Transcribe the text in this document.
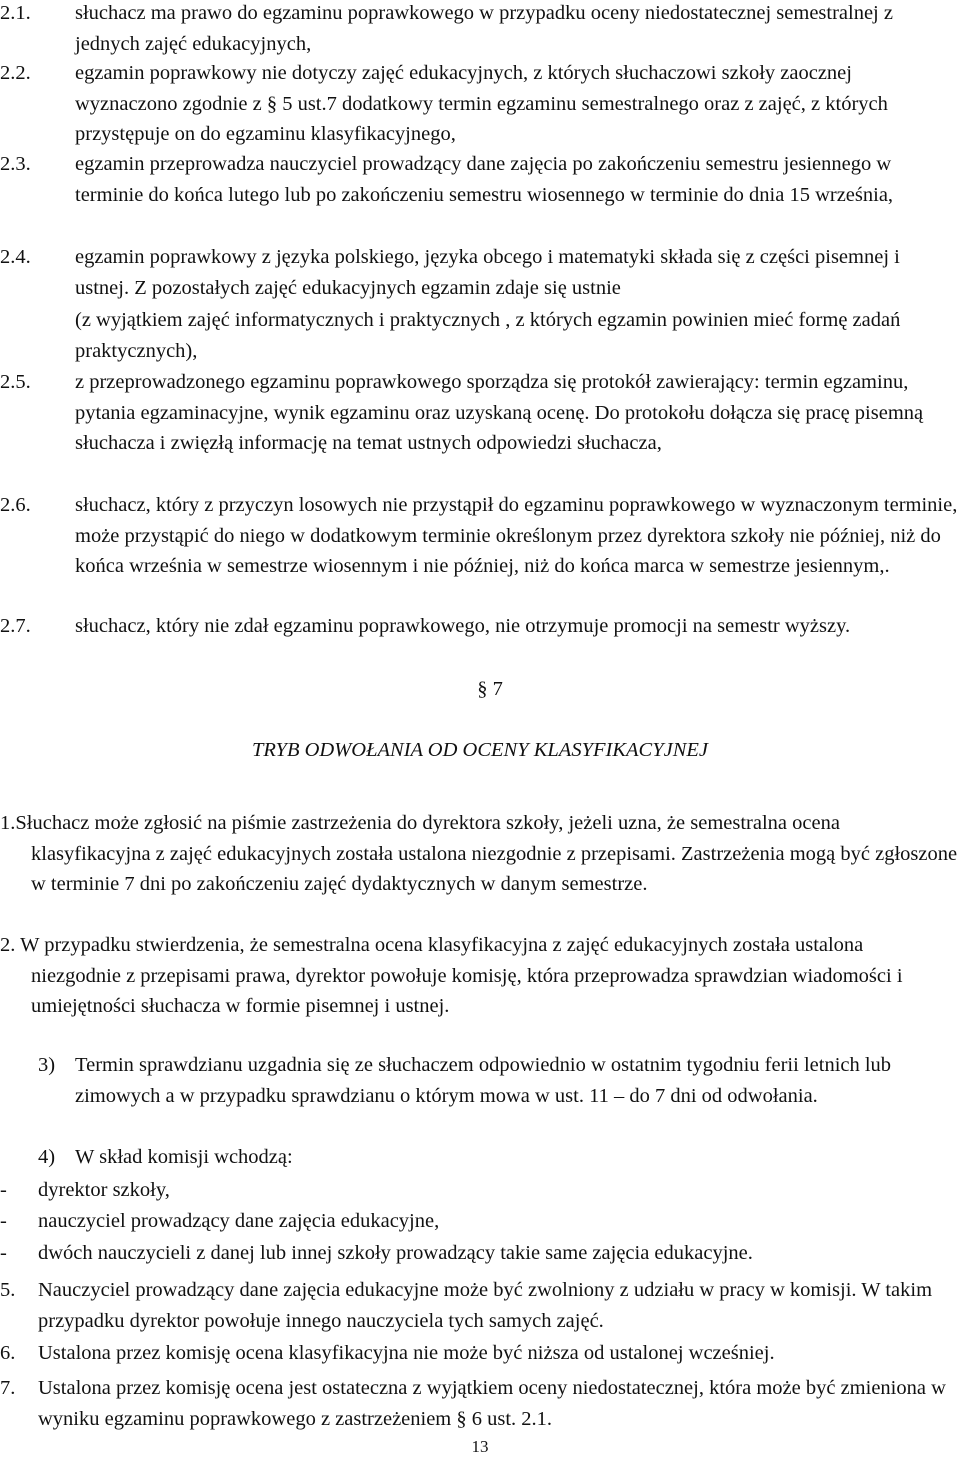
2.1. słuchacz ma prawo do egzaminu poprawkowego w przypadku oceny niedostatecznej semestralnej z jednych zajęć edukacyjnych,
2.2. egzamin poprawkowy nie dotyczy zajęć edukacyjnych, z których słuchaczowi szkoły zaocznej wyznaczono zgodnie z § 5 ust.7 dodatkowy termin egzaminu semestralnego oraz z zajęć, z których przystępuje on do egzaminu klasyfikacyjnego,
2.3. egzamin przeprowadza nauczyciel prowadzący dane zajęcia po zakończeniu semestru jesiennego w terminie do końca lutego lub po zakończeniu semestru wiosennego w terminie do dnia 15 września,
2.4. egzamin poprawkowy z języka polskiego, języka obcego i matematyki składa się z części pisemnej i ustnej. Z pozostałych zajęć edukacyjnych egzamin zdaje się ustnie
(z wyjątkiem zajęć informatycznych i praktycznych , z których egzamin powinien mieć formę zadań praktycznych),
2.5. z przeprowadzonego egzaminu poprawkowego sporządza się protokół zawierający: termin egzaminu, pytania egzaminacyjne, wynik egzaminu oraz uzyskaną ocenę. Do protokołu dołącza się pracę pisemną słuchacza i zwięzłą informację na temat ustnych odpowiedzi słuchacza,
2.6. słuchacz, który z przyczyn losowych nie przystąpił do egzaminu poprawkowego w wyznaczonym terminie, może przystąpić do niego w dodatkowym terminie określonym przez dyrektora szkoły nie później, niż do końca września w semestrze wiosennym i nie później, niż do końca marca w semestrze jesiennym,.
2.7. słuchacz, który nie zdał egzaminu poprawkowego, nie otrzymuje promocji na semestr wyższy.
§ 7
TRYB ODWOŁANIA OD OCENY KLASYFIKACYJNEJ
1.Słuchacz może zgłosić na piśmie zastrzeżenia do dyrektora szkoły, jeżeli uzna, że semestralna ocena klasyfikacyjna z zajęć edukacyjnych została ustalona niezgodnie z przepisami. Zastrzeżenia mogą być zgłoszone w terminie 7 dni po zakończeniu zajęć dydaktycznych w danym semestrze.
2. W przypadku stwierdzenia, że semestralna ocena klasyfikacyjna z zajęć edukacyjnych została ustalona niezgodnie z przepisami prawa, dyrektor powołuje komisję, która przeprowadza sprawdzian wiadomości i umiejętności słuchacza w formie pisemnej i ustnej.
3) Termin sprawdzianu uzgadnia się ze słuchaczem odpowiednio w ostatnim tygodniu ferii letnich lub zimowych a w przypadku sprawdzianu o którym mowa w ust. 11 – do 7 dni od odwołania.
4) W skład komisji wchodzą:
- dyrektor szkoły,
- nauczyciel prowadzący dane zajęcia edukacyjne,
- dwóch nauczycieli z danej lub innej szkoły prowadzący takie same zajęcia edukacyjne.
5. Nauczyciel prowadzący dane zajęcia edukacyjne może być zwolniony z udziału w pracy w komisji. W takim przypadku dyrektor powołuje innego nauczyciela tych samych zajęć.
6. Ustalona przez komisję ocena klasyfikacyjna nie może być niższa od ustalonej wcześniej.
7. Ustalona przez komisję ocena jest ostateczna z wyjątkiem oceny niedostatecznej, która może być zmieniona w wyniku egzaminu poprawkowego z zastrzeżeniem § 6 ust. 2.1.
13
